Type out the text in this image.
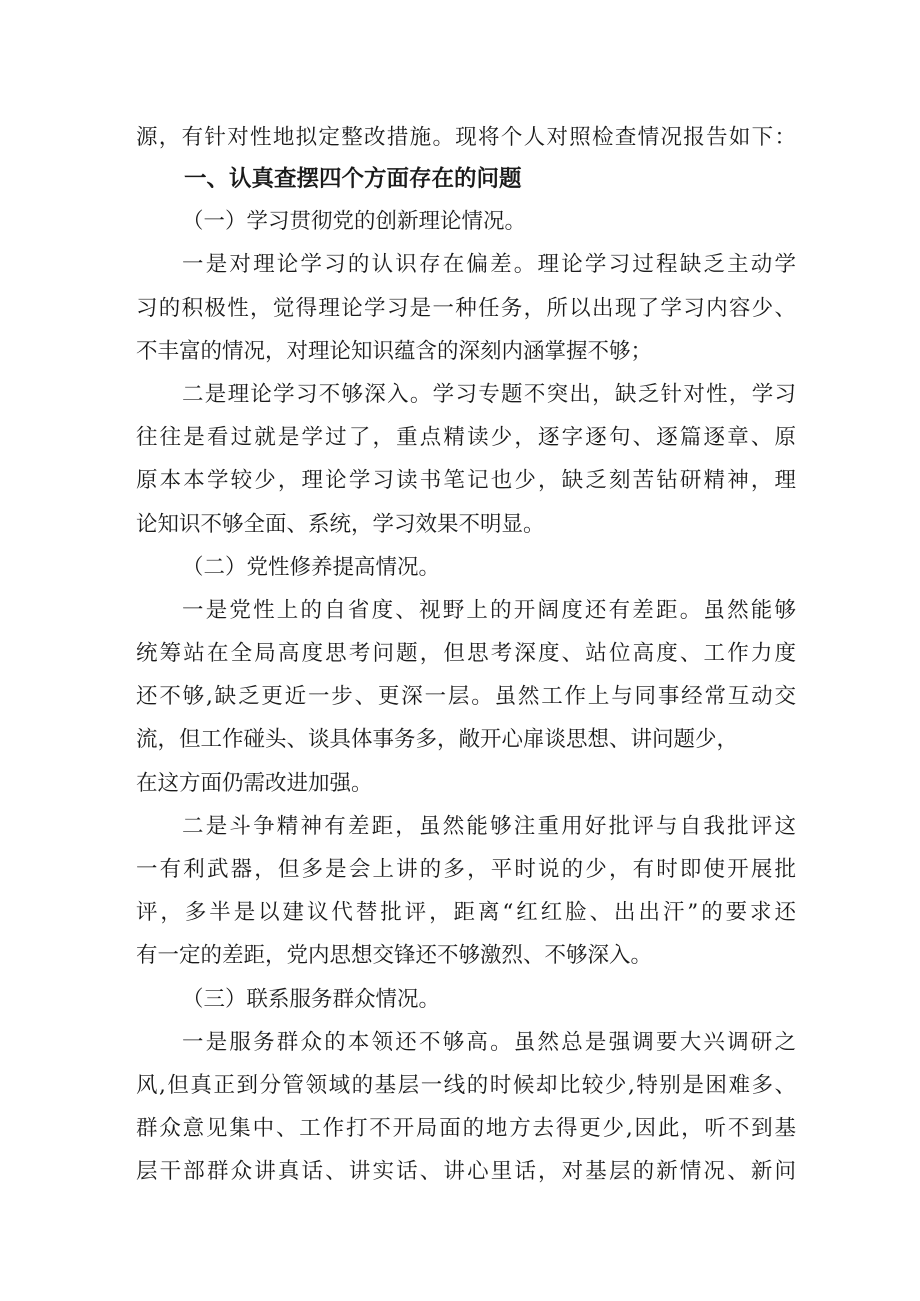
源，有针对性地拟定整改措施。现将个人对照检查情况报告如下：
一、认真查摆四个方面存在的问题
（一）学习贯彻党的创新理论情况。
一是对理论学习的认识存在偏差。理论学习过程缺乏主动学
习的积极性，觉得理论学习是一种任务，所以出现了学习内容少、
不丰富的情况，对理论知识蕴含的深刻内涵掌握不够；
二是理论学习不够深入。学习专题不突出，缺乏针对性，学习
往往是看过就是学过了，重点精读少，逐字逐句、逐篇逐章、原
原本本学较少，理论学习读书笔记也少，缺乏刻苦钻研精神，理
论知识不够全面、系统，学习效果不明显。
（二）党性修养提高情况。
一是党性上的自省度、视野上的开阔度还有差距。虽然能够
统筹站在全局高度思考问题，但思考深度、站位高度、工作力度
还不够,缺乏更近一步、更深一层。虽然工作上与同事经常互动交
流，但工作碰头、谈具体事务多，敞开心扉谈思想、讲问题少，
在这方面仍需改进加强。
二是斗争精神有差距，虽然能够注重用好批评与自我批评这
一有利武器，但多是会上讲的多，平时说的少，有时即使开展批
评，多半是以建议代替批评，距离“红红脸、出出汗”的要求还
有一定的差距，党内思想交锋还不够激烈、不够深入。
（三）联系服务群众情况。
一是服务群众的本领还不够高。虽然总是强调要大兴调研之
风,但真正到分管领域的基层一线的时候却比较少,特别是困难多、
群众意见集中、工作打不开局面的地方去得更少,因此，听不到基
层干部群众讲真话、讲实话、讲心里话，对基层的新情况、新问
